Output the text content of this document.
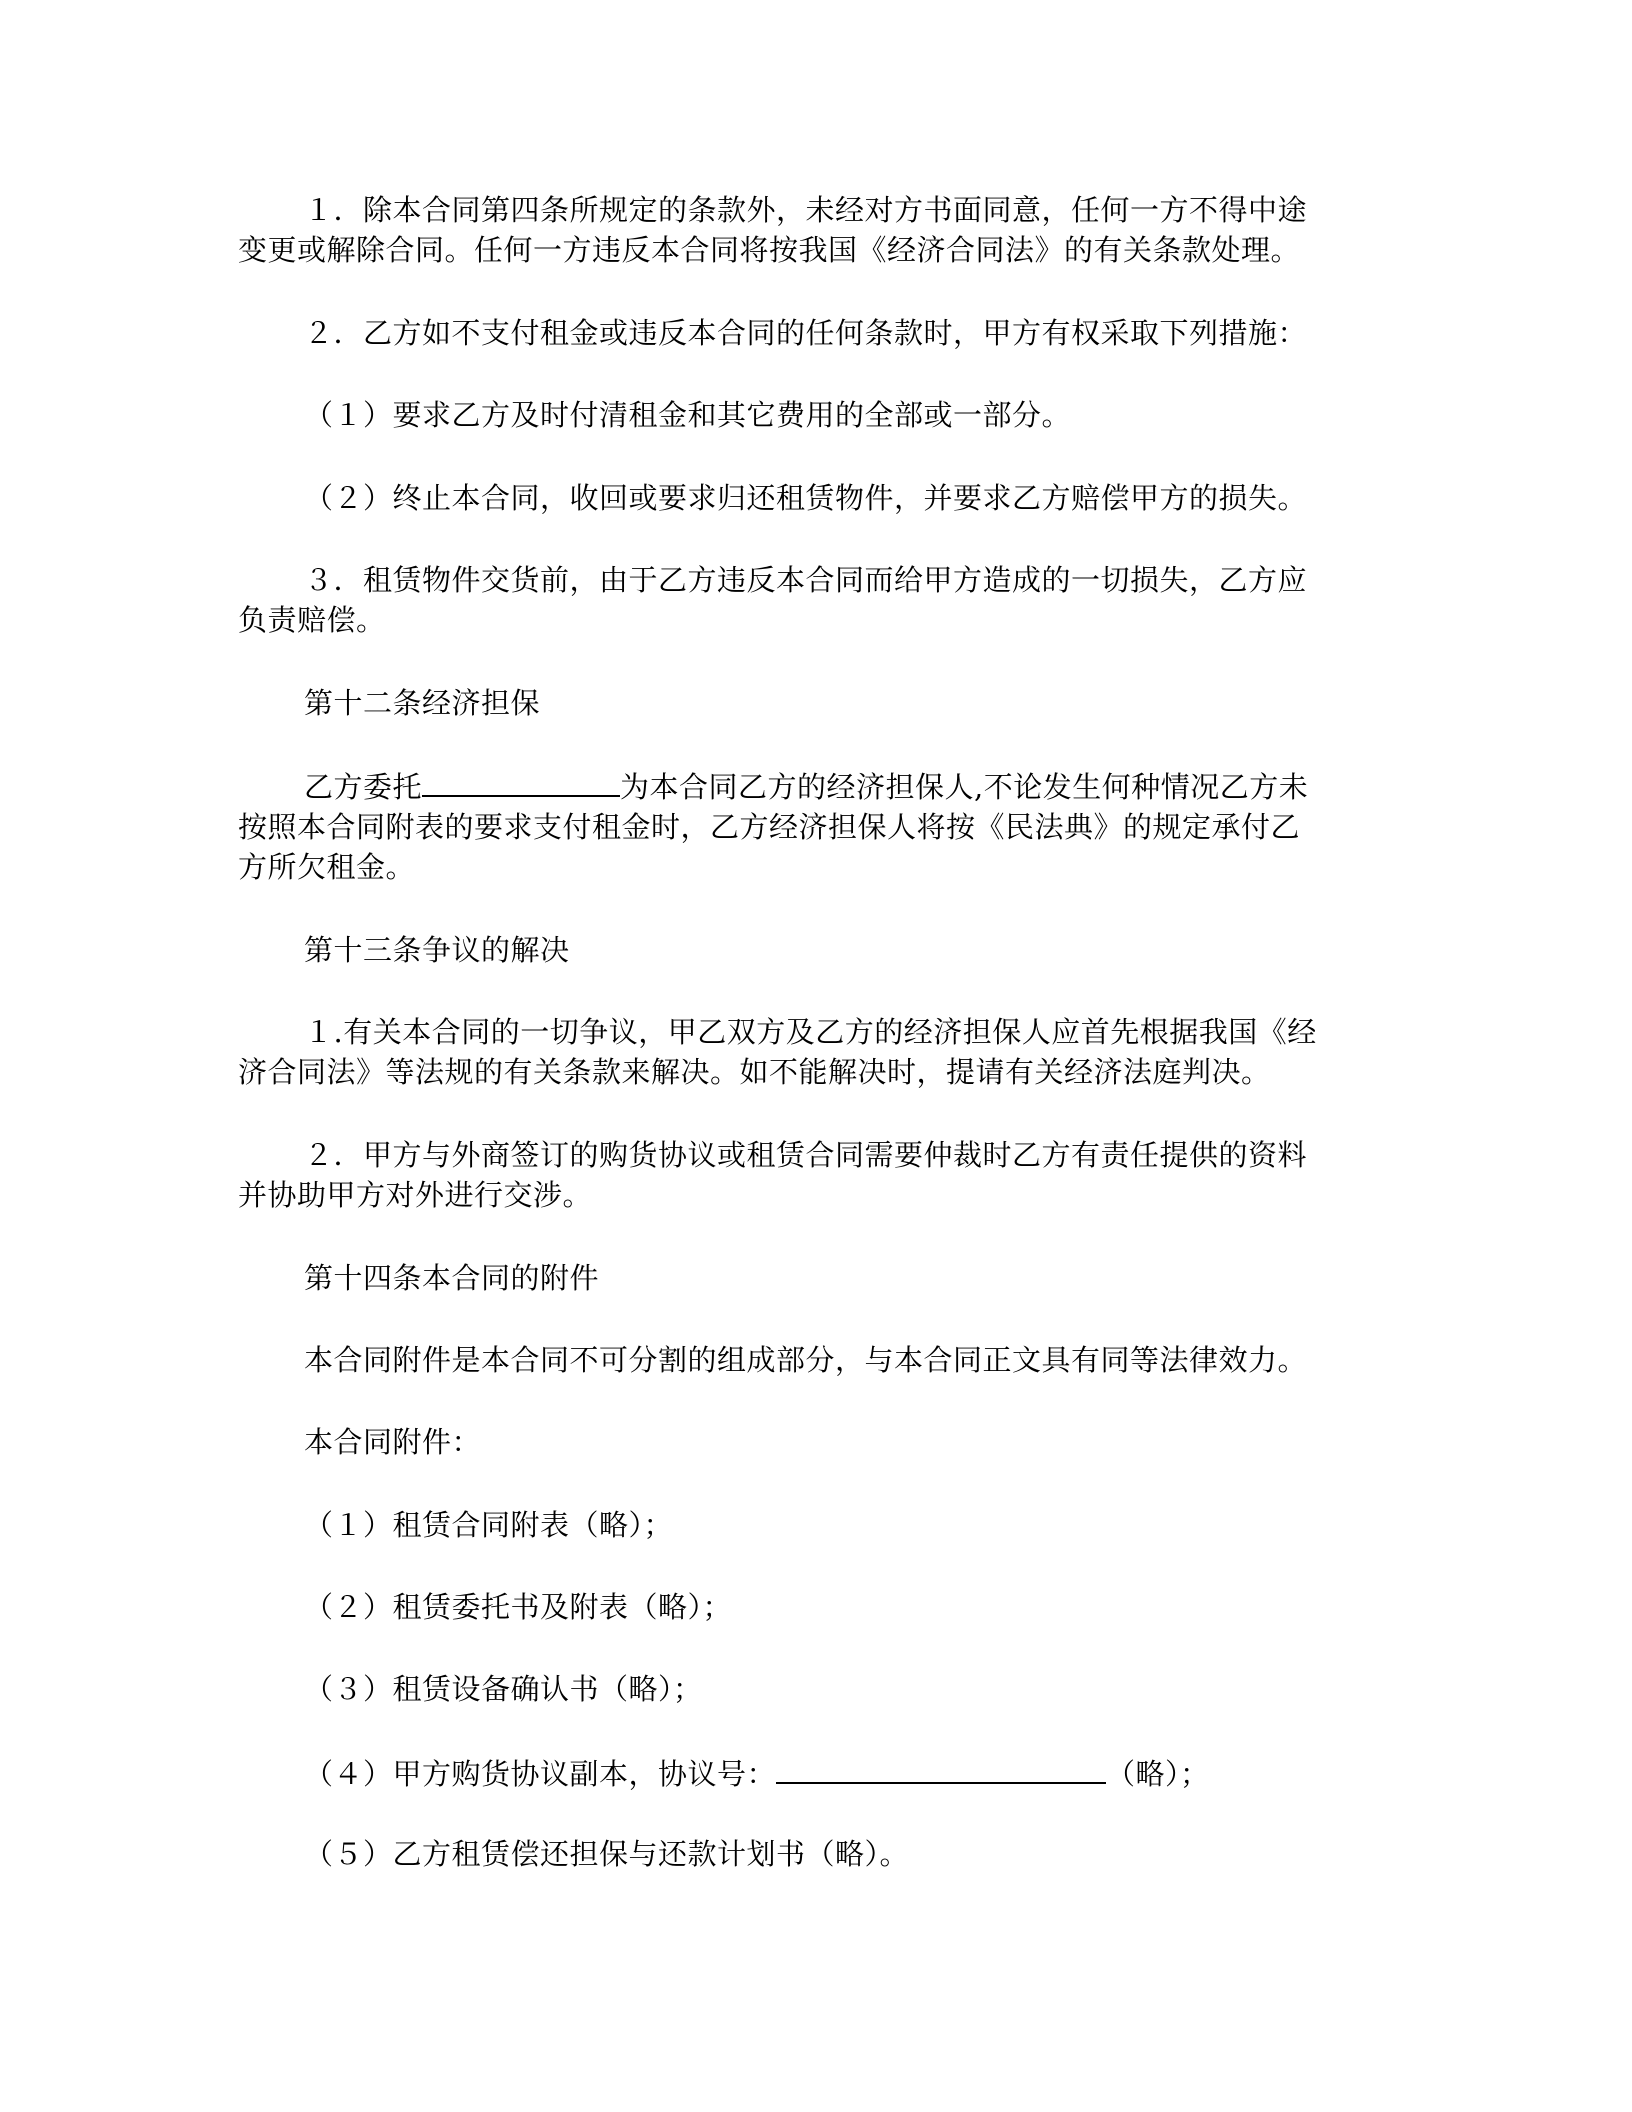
１．除本合同第四条所规定的条款外，未经对方书面同意，任何一方不得中途
变更或解除合同。任何一方违反本合同将按我国《经济合同法》的有关条款处理。

２．乙方如不支付租金或违反本合同的任何条款时，甲方有权采取下列措施：

（１）要求乙方及时付清租金和其它费用的全部或一部分。

（２）终止本合同，收回或要求归还租赁物件，并要求乙方赔偿甲方的损失。

３．租赁物件交货前，由于乙方违反本合同而给甲方造成的一切损失，乙方应
负责赔偿。

第十二条经济担保

乙方委托	为本合同乙方的经济担保人,不论发生何种情况乙方未
按照本合同附表的要求支付租金时，乙方经济担保人将按《民法典》的规定承付乙
方所欠租金。

第十三条争议的解决

１.有关本合同的一切争议，甲乙双方及乙方的经济担保人应首先根据我国《经
济合同法》等法规的有关条款来解决。如不能解决时，提请有关经济法庭判决。

２．甲方与外商签订的购货协议或租赁合同需要仲裁时乙方有责任提供的资料
并协助甲方对外进行交涉。

第十四条本合同的附件

本合同附件是本合同不可分割的组成部分，与本合同正文具有同等法律效力。

本合同附件：

（１）租赁合同附表（略）；

（２）租赁委托书及附表（略）；

（３）租赁设备确认书（略）；

（４）甲方购货协议副本，协议号：	（略）；

（５）乙方租赁偿还担保与还款计划书（略）。
